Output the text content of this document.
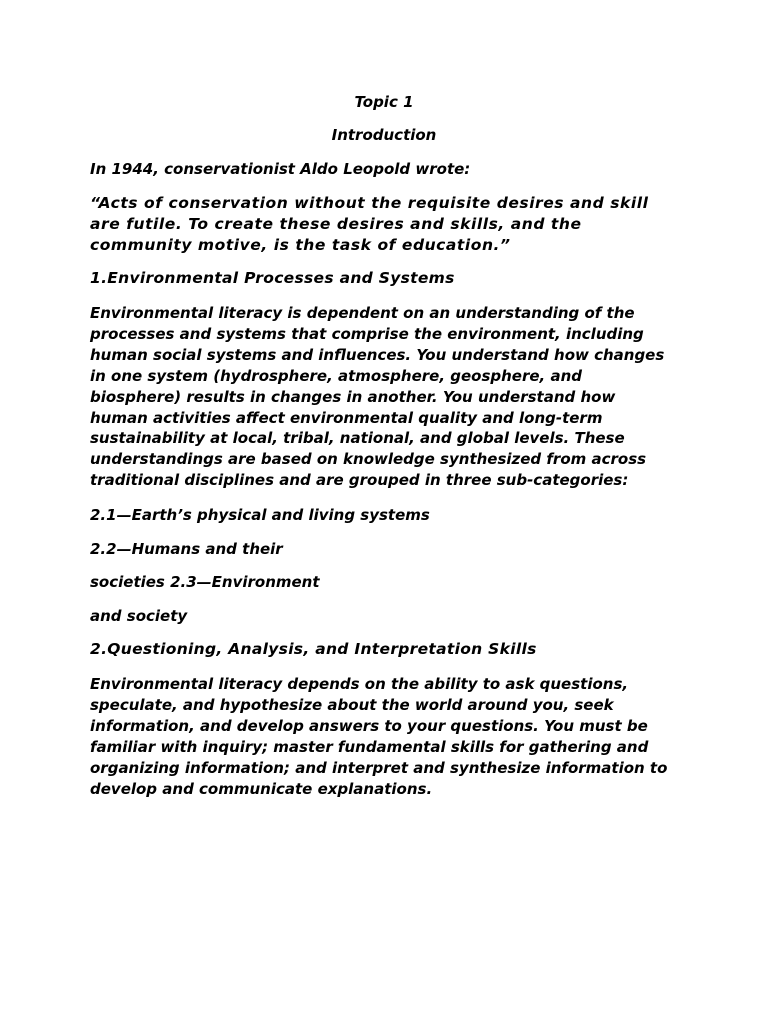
Topic 1

Introduction

In 1944, conservationist Aldo Leopold wrote:

“Acts of conservation without the requisite desires and skill
are futile. To create these desires and skills, and the
community motive, is the task of education.”

1.Environmental Processes and Systems

Environmental literacy is dependent on an understanding of the
processes and systems that comprise the environment, including
human social systems and influences. You understand how changes
in one system (hydrosphere, atmosphere, geosphere, and
biosphere) results in changes in another. You understand how
human activities affect environmental quality and long-term
sustainability at local, tribal, national, and global levels. These
understandings are based on knowledge synthesized from across
traditional disciplines and are grouped in three sub-categories:

2.1—Earth’s physical and living systems

2.2—Humans and their

societies 2.3—Environment

and society

2.Questioning, Analysis, and Interpretation Skills

Environmental literacy depends on the ability to ask questions,
speculate, and hypothesize about the world around you, seek
information, and develop answers to your questions. You must be
familiar with inquiry; master fundamental skills for gathering and
organizing information; and interpret and synthesize information to
develop and communicate explanations.
